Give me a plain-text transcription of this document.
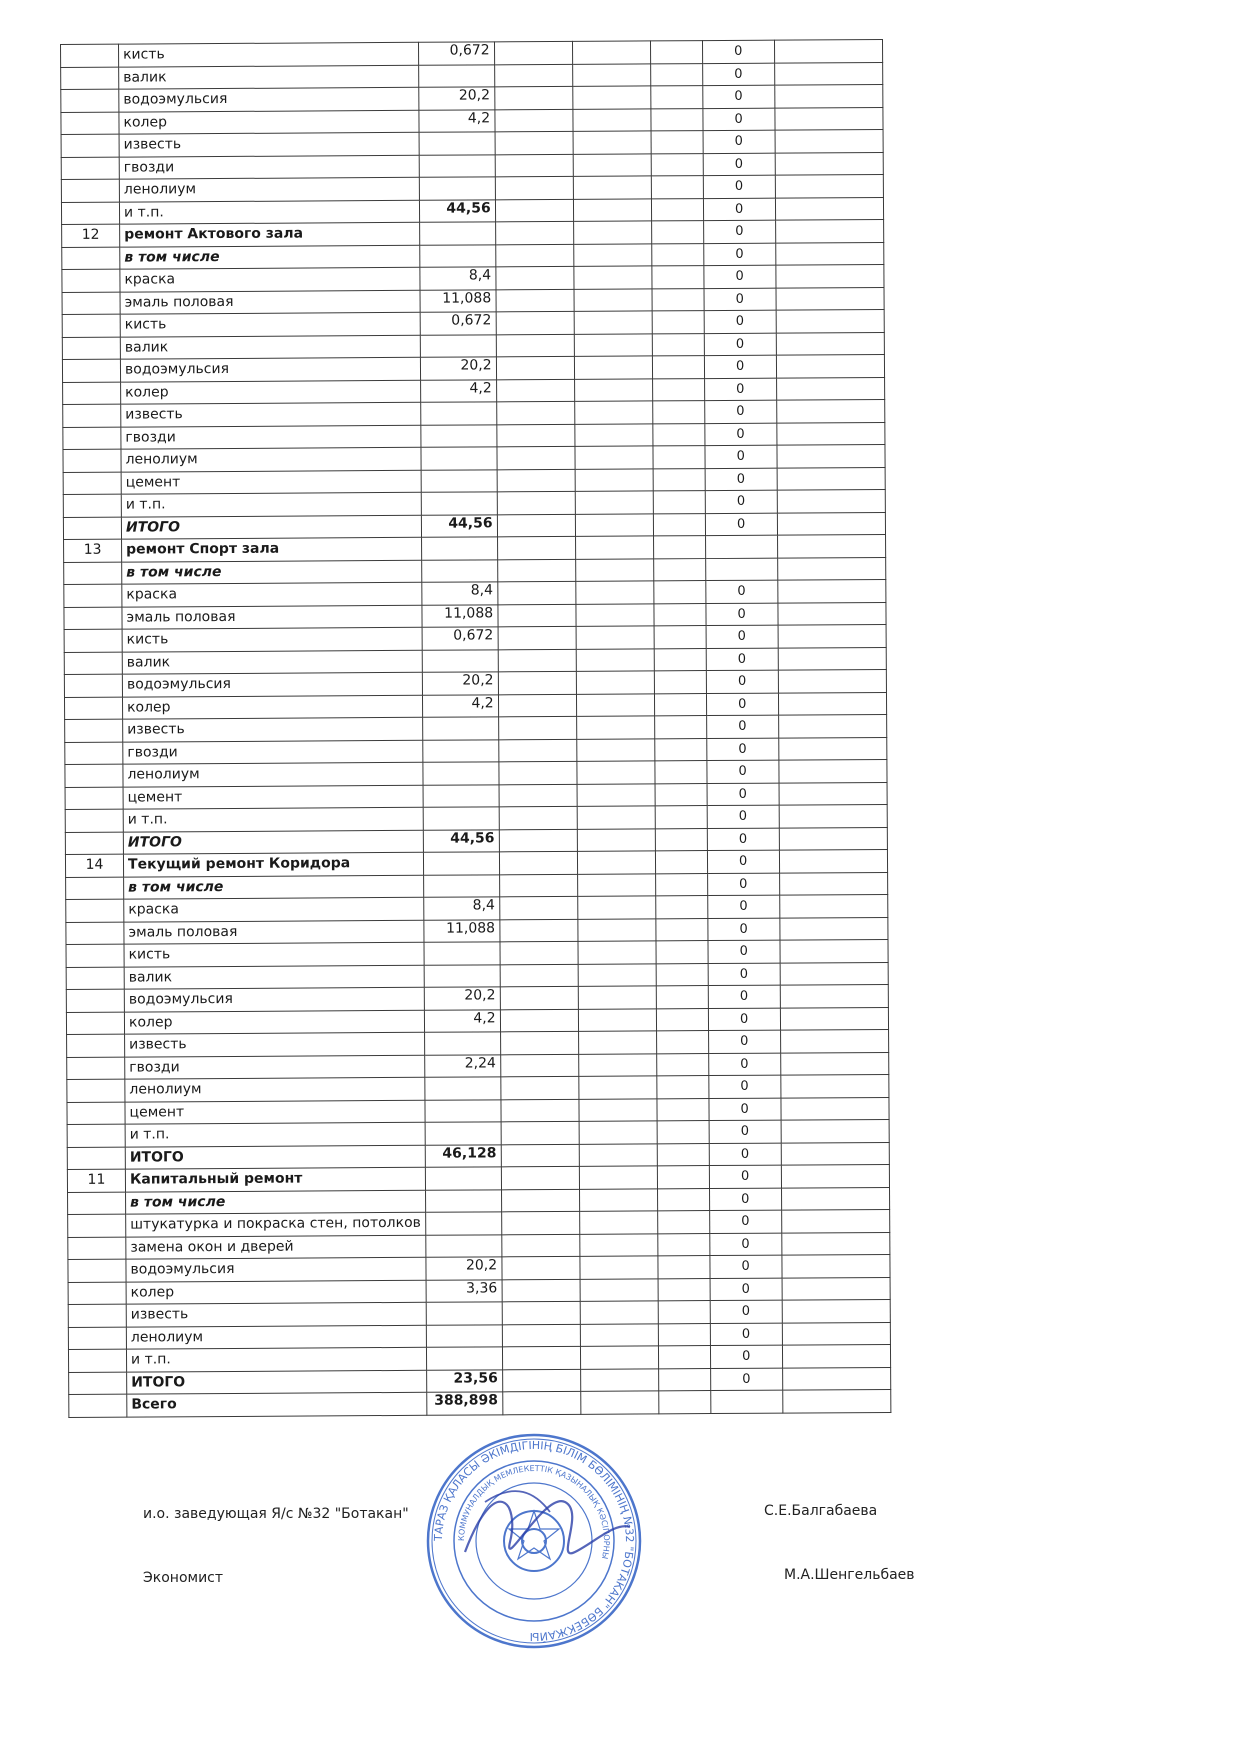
	кисть	0,672				0	
	валик					0	
	водоэмульсия	20,2				0	
	колер	4,2				0	
	известь					0	
	гвозди					0	
	ленолиум					0	
	и т.п.	44,56				0	
12	ремонт Актового зала					0	
	в том числе					0	
	краска	8,4				0	
	эмаль половая	11,088				0	
	кисть	0,672				0	
	валик					0	
	водоэмульсия	20,2				0	
	колер	4,2				0	
	известь					0	
	гвозди					0	
	ленолиум					0	
	цемент					0	
	и т.п.					0	
	ИТОГО	44,56				0	
13	ремонт Спорт зала						
	в том числе						
	краска	8,4				0	
	эмаль половая	11,088				0	
	кисть	0,672				0	
	валик					0	
	водоэмульсия	20,2				0	
	колер	4,2				0	
	известь					0	
	гвозди					0	
	ленолиум					0	
	цемент					0	
	и т.п.					0	
	ИТОГО	44,56				0	
14	Текущий ремонт Коридора					0	
	в том числе					0	
	краска	8,4				0	
	эмаль половая	11,088				0	
	кисть					0	
	валик					0	
	водоэмульсия	20,2				0	
	колер	4,2				0	
	известь					0	
	гвозди	2,24				0	
	ленолиум					0	
	цемент					0	
	и т.п.					0	
	ИТОГО	46,128				0	
11	Капитальный ремонт					0	
	в том числе					0	
	штукатурка и покраска стен, потолков					0	
	замена окон и дверей					0	
	водоэмульсия	20,2				0	
	колер	3,36				0	
	известь					0	
	ленолиум					0	
	и т.п.					0	
	ИТОГО	23,56				0	
	Всего	388,898					
и.о. заведующая Я/с №32 "Ботакан"	С.Е.Балгабаева
Экономист	М.А.Шенгельбаев
ТАРАЗ ҚАЛАСЫ ӘКІМДІГІНІҢ БІЛІМ БӨЛІМІНІҢ №32 "БОТАКАН" БӨБЕКЖАЙЫ
КОММУНАЛДЫҚ МЕМЛЕКЕТТІК ҚАЗЫНАЛЫҚ КӘСІПОРНЫ
